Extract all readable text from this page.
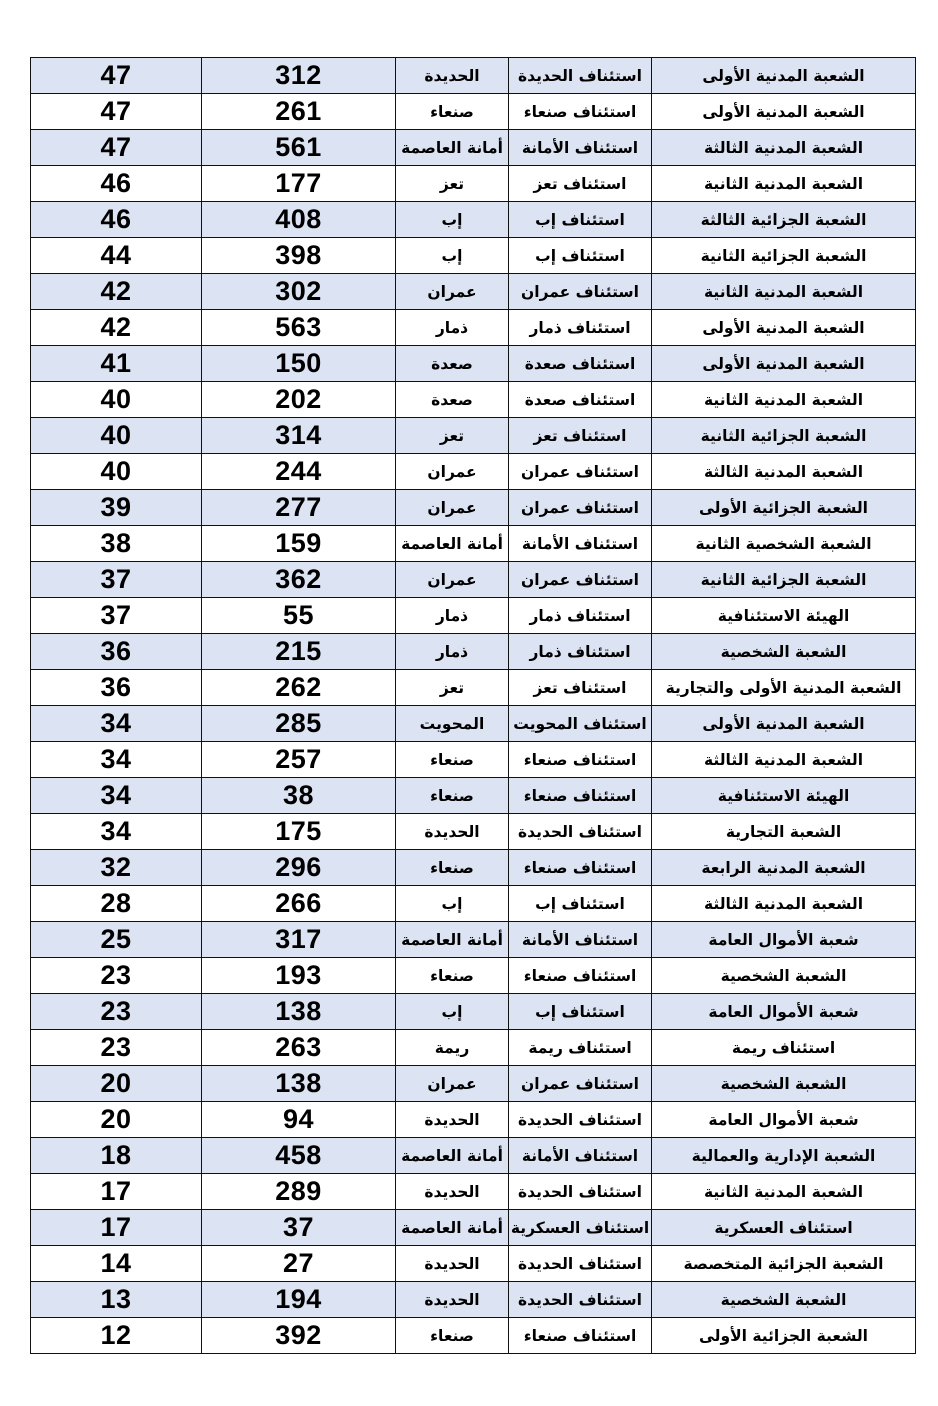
الشعبة المدنية الأولى	استئناف الحديدة	الحديدة	312	47
الشعبة المدنية الأولى	استئناف صنعاء	صنعاء	261	47
الشعبة المدنية الثالثة	استئناف الأمانة	أمانة العاصمة	561	47
الشعبة المدنية الثانية	استئناف تعز	تعز	177	46
الشعبة الجزائية الثالثة	استئناف إب	إب	408	46
الشعبة الجزائية الثانية	استئناف إب	إب	398	44
الشعبة المدنية الثانية	استئناف عمران	عمران	302	42
الشعبة المدنية الأولى	استئناف ذمار	ذمار	563	42
الشعبة المدنية الأولى	استئناف صعدة	صعدة	150	41
الشعبة المدنية الثانية	استئناف صعدة	صعدة	202	40
الشعبة الجزائية الثانية	استئناف تعز	تعز	314	40
الشعبة المدنية الثالثة	استئناف عمران	عمران	244	40
الشعبة الجزائية الأولى	استئناف عمران	عمران	277	39
الشعبة الشخصية الثانية	استئناف الأمانة	أمانة العاصمة	159	38
الشعبة الجزائية الثانية	استئناف عمران	عمران	362	37
الهيئة الاستئنافية	استئناف ذمار	ذمار	55	37
الشعبة الشخصية	استئناف ذمار	ذمار	215	36
الشعبة المدنية الأولى والتجارية	استئناف تعز	تعز	262	36
الشعبة المدنية الأولى	استئناف المحويت	المحويت	285	34
الشعبة المدنية الثالثة	استئناف صنعاء	صنعاء	257	34
الهيئة الاستئنافية	استئناف صنعاء	صنعاء	38	34
الشعبة التجارية	استئناف الحديدة	الحديدة	175	34
الشعبة المدنية الرابعة	استئناف صنعاء	صنعاء	296	32
الشعبة المدنية الثالثة	استئناف إب	إب	266	28
شعبة الأموال العامة	استئناف الأمانة	أمانة العاصمة	317	25
الشعبة الشخصية	استئناف صنعاء	صنعاء	193	23
شعبة الأموال العامة	استئناف إب	إب	138	23
استئناف ريمة	استئناف ريمة	ريمة	263	23
الشعبة الشخصية	استئناف عمران	عمران	138	20
شعبة الأموال العامة	استئناف الحديدة	الحديدة	94	20
الشعبة الإدارية والعمالية	استئناف الأمانة	أمانة العاصمة	458	18
الشعبة المدنية الثانية	استئناف الحديدة	الحديدة	289	17
استئناف العسكرية	استئناف العسكرية	أمانة العاصمة	37	17
الشعبة الجزائية المتخصصة	استئناف الحديدة	الحديدة	27	14
الشعبة الشخصية	استئناف الحديدة	الحديدة	194	13
الشعبة الجزائية الأولى	استئناف صنعاء	صنعاء	392	12
